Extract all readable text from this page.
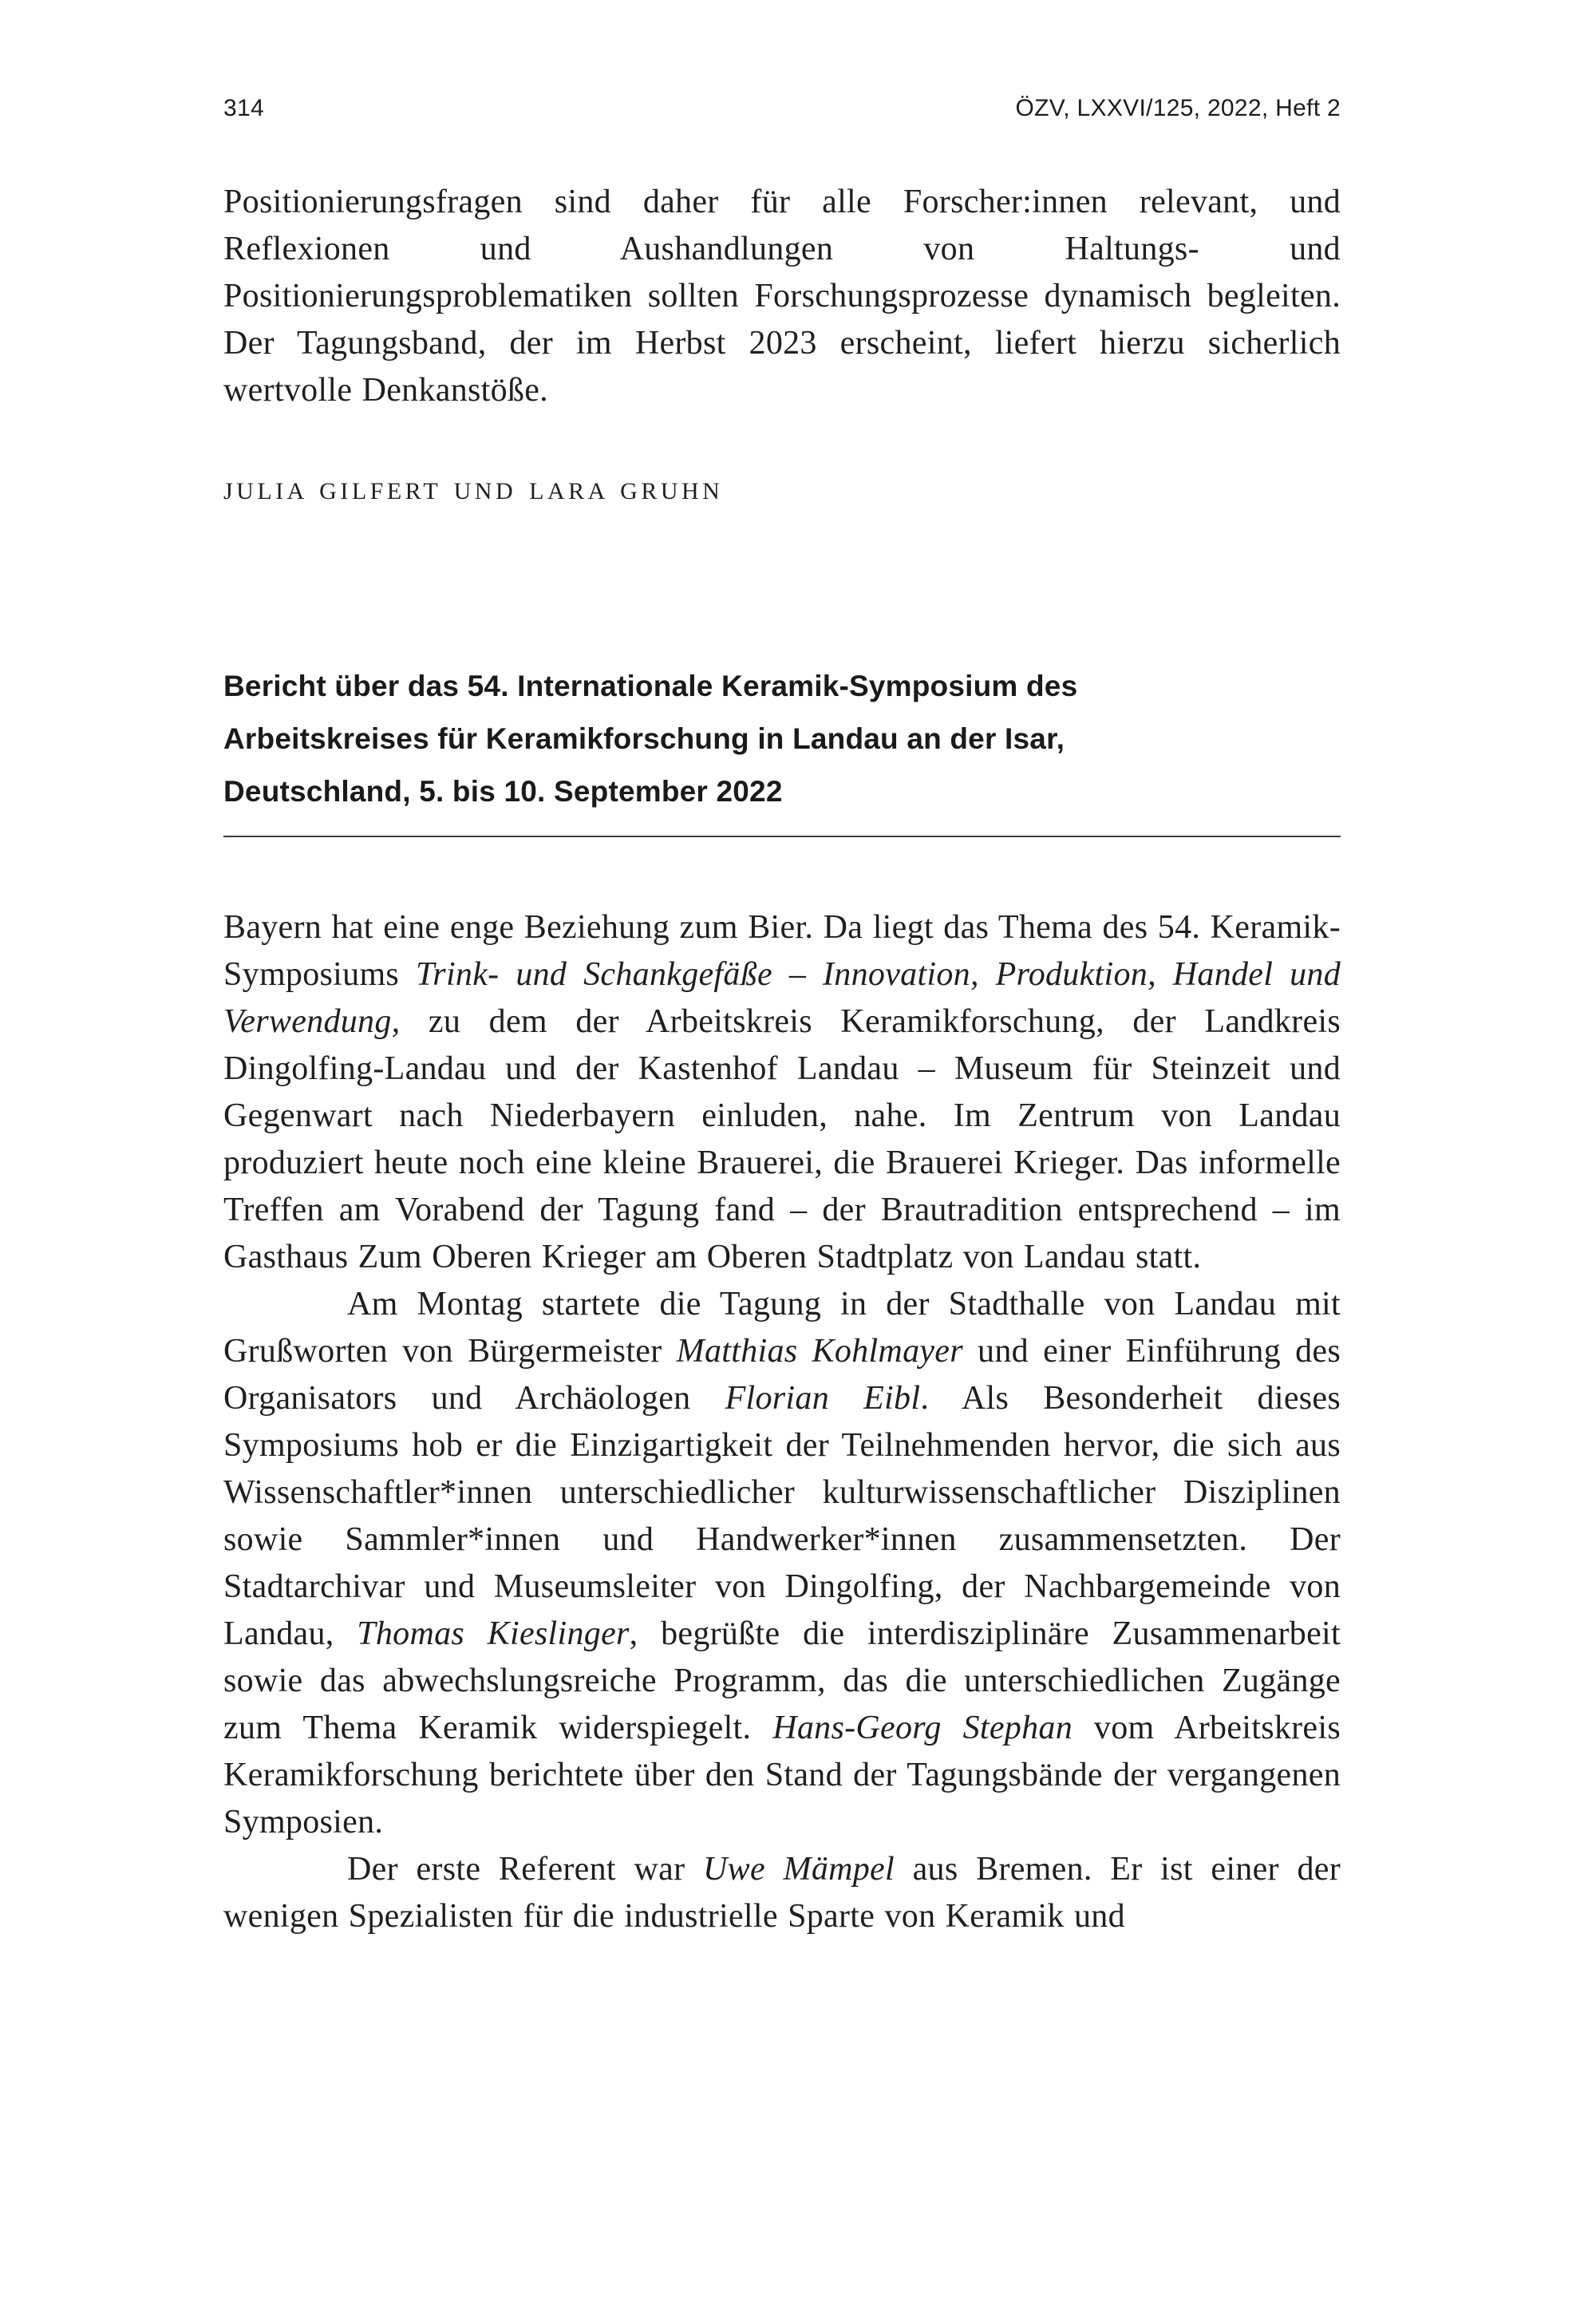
314	ÖZV, LXXVI/125, 2022, Heft 2

Positionierungsfragen sind daher für alle Forscher:innen relevant, und Reflexionen und Aushandlungen von Haltungs- und Positionierungsproblematiken sollten Forschungsprozesse dynamisch begleiten. Der Tagungsband, der im Herbst 2023 erscheint, liefert hierzu sicherlich wertvolle Denkanstöße.

JULIA GILFERT UND LARA GRUHN

Bericht über das 54. Internationale Keramik-Symposium des
Arbeitskreises für Keramikforschung in Landau an der Isar,
Deutschland, 5. bis 10. September 2022

Bayern hat eine enge Beziehung zum Bier. Da liegt das Thema des 54. Keramik-Symposiums Trink- und Schankgefäße – Innovation, Produktion, Handel und Verwendung, zu dem der Arbeitskreis Keramikforschung, der Landkreis Dingolfing-Landau und der Kastenhof Landau – Museum für Steinzeit und Gegenwart nach Niederbayern einluden, nahe. Im Zentrum von Landau produziert heute noch eine kleine Brauerei, die Brauerei Krieger. Das informelle Treffen am Vorabend der Tagung fand – der Brautradition entsprechend – im Gasthaus Zum Oberen Krieger am Oberen Stadtplatz von Landau statt.

Am Montag startete die Tagung in der Stadthalle von Landau mit Grußworten von Bürgermeister Matthias Kohlmayer und einer Einführung des Organisators und Archäologen Florian Eibl. Als Besonderheit dieses Symposiums hob er die Einzigartigkeit der Teilnehmenden hervor, die sich aus Wissenschaftler*innen unterschiedlicher kulturwissenschaftlicher Disziplinen sowie Sammler*innen und Handwerker*innen zusammensetzten. Der Stadtarchivar und Museumsleiter von Dingolfing, der Nachbargemeinde von Landau, Thomas Kieslinger, begrüßte die interdisziplinäre Zusammenarbeit sowie das abwechslungsreiche Programm, das die unterschiedlichen Zugänge zum Thema Keramik widerspiegelt. Hans-Georg Stephan vom Arbeitskreis Keramikforschung berichtete über den Stand der Tagungsbände der vergangenen Symposien.

Der erste Referent war Uwe Mämpel aus Bremen. Er ist einer der wenigen Spezialisten für die industrielle Sparte von Keramik und
